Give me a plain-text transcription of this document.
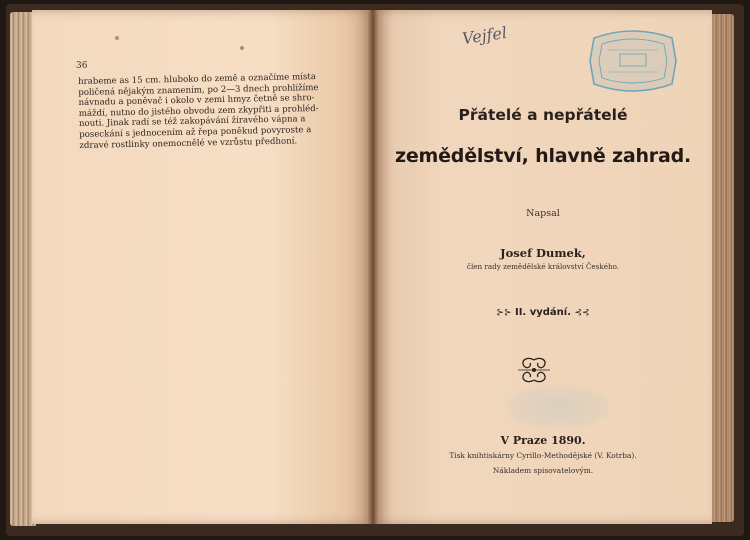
36
hrabeme as 15 cm. hluboko do země a označíme místa
poličená nějakým znamením, po 2—3 dnech prohlížíme
návnadu a poněvač i okolo v zemi hmyz četně se shro-
máždí, nutno do jistého obvodu zem zkypřiti a prohléd-
nouti. Jinak radí se též zakopávání žíravého vápna a
poseckání s jednocením až řepa poněkud povyroste a
zdravé rostlinky onemocnělé ve vzrůstu předhoní.
Vejfel
Přátelé a nepřátelé
zemědělství, hlavně zahrad.
Napsal
Josef Dumek,
člen rady zemědělské království Českého.
⊱⊱ II. vydání. ⊰⊰
V Praze 1890.
Tisk knihtiskárny Cyrillo-Methodějské (V. Kotrba).
Nákladem spisovatelovým.
